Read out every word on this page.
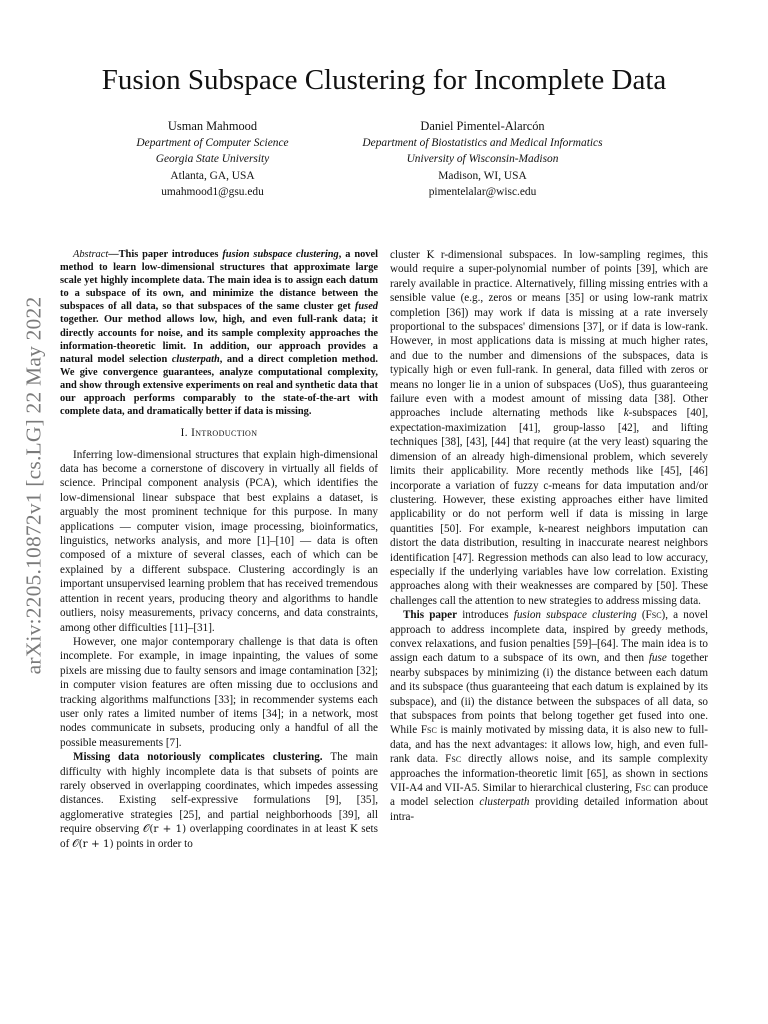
arXiv:2205.10872v1 [cs.LG] 22 May 2022
Fusion Subspace Clustering for Incomplete Data
Usman Mahmood
Department of Computer Science
Georgia State University
Atlanta, GA, USA
umahmood1@gsu.edu
Daniel Pimentel-Alarcón
Department of Biostatistics and Medical Informatics
University of Wisconsin-Madison
Madison, WI, USA
pimentelalar@wisc.edu

Abstract—This paper introduces fusion subspace clustering, a novel method to learn low-dimensional structures that approximate large scale yet highly incomplete data. The main idea is to assign each datum to a subspace of its own, and minimize the distance between the subspaces of all data, so that subspaces of the same cluster get fused together. Our method allows low, high, and even full-rank data; it directly accounts for noise, and its sample complexity approaches the information-theoretic limit. In addition, our approach provides a natural model selection clusterpath, and a direct completion method. We give convergence guarantees, analyze computational complexity, and show through extensive experiments on real and synthetic data that our approach performs comparably to the state-of-the-art with complete data, and dramatically better if data is missing.

I. Introduction

Inferring low-dimensional structures that explain high-dimensional data has become a cornerstone of discovery in virtually all fields of science. Principal component analysis (PCA), which identifies the low-dimensional linear subspace that best explains a dataset, is arguably the most prominent technique for this purpose. In many applications — computer vision, image processing, bioinformatics, linguistics, networks analysis, and more [1]–[10] — data is often composed of a mixture of several classes, each of which can be explained by a different subspace. Clustering accordingly is an important unsupervised learning problem that has received tremendous attention in recent years, producing theory and algorithms to handle outliers, noisy measurements, privacy concerns, and data constraints, among other difficulties [11]–[31].

However, one major contemporary challenge is that data is often incomplete. For example, in image inpainting, the values of some pixels are missing due to faulty sensors and image contamination [32]; in computer vision features are often missing due to occlusions and tracking algorithms malfunctions [33]; in recommender systems each user only rates a limited number of items [34]; in a network, most nodes communicate in subsets, producing only a handful of all the possible measurements [7].

Missing data notoriously complicates clustering. The main difficulty with highly incomplete data is that subsets of points are rarely observed in overlapping coordinates, which impedes assessing distances. Existing self-expressive formulations [9], [35], agglomerative strategies [25], and partial neighborhoods [39], all require observing 𝒪(r + 1) overlapping coordinates in at least K sets of 𝒪(r + 1) points in order to

cluster K r-dimensional subspaces. In low-sampling regimes, this would require a super-polynomial number of points [39], which are rarely available in practice. Alternatively, filling missing entries with a sensible value (e.g., zeros or means [35] or using low-rank matrix completion [36]) may work if data is missing at a rate inversely proportional to the subspaces' dimensions [37], or if data is low-rank. However, in most applications data is missing at much higher rates, and due to the number and dimensions of the subspaces, data is typically high or even full-rank. In general, data filled with zeros or means no longer lie in a union of subspaces (UoS), thus guaranteeing failure even with a modest amount of missing data [38]. Other approaches include alternating methods like k-subspaces [40], expectation-maximization [41], group-lasso [42], and lifting techniques [38], [43], [44] that require (at the very least) squaring the dimension of an already high-dimensional problem, which severely limits their applicability. More recently methods like [45], [46] incorporate a variation of fuzzy c-means for data imputation and/or clustering. However, these existing approaches either have limited applicability or do not perform well if data is missing in large quantities [50]. For example, k-nearest neighbors imputation can distort the data distribution, resulting in inaccurate nearest neighbors identification [47]. Regression methods can also lead to low accuracy, especially if the underlying variables have low correlation. Existing approaches along with their weaknesses are compared by [50]. These challenges call the attention to new strategies to address missing data.

This paper introduces fusion subspace clustering (Fsc), a novel approach to address incomplete data, inspired by greedy methods, convex relaxations, and fusion penalties [59]–[64]. The main idea is to assign each datum to a subspace of its own, and then fuse together nearby subspaces by minimizing (i) the distance between each datum and its subspace (thus guaranteeing that each datum is explained by its subspace), and (ii) the distance between the subspaces of all data, so that subspaces from points that belong together get fused into one. While Fsc is mainly motivated by missing data, it is also new to full-data, and has the next advantages: it allows low, high, and even full-rank data. Fsc directly allows noise, and its sample complexity approaches the information-theoretic limit [65], as shown in sections VII-A4 and VII-A5. Similar to hierarchical clustering, Fsc can produce a model selection clusterpath providing detailed information about intra-
